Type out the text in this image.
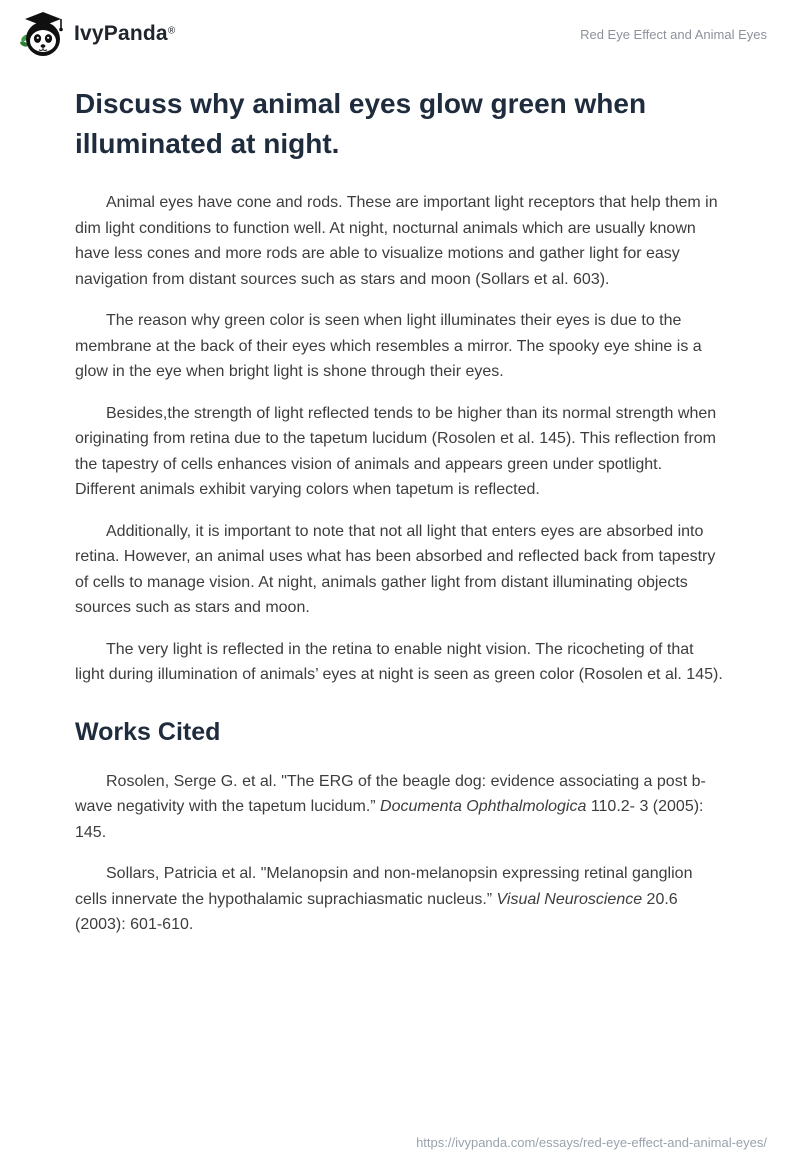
IvyPanda®	Red Eye Effect and Animal Eyes
Discuss why animal eyes glow green when illuminated at night.

Animal eyes have cone and rods. These are important light receptors that help them in dim light conditions to function well. At night, nocturnal animals which are usually known have less cones and more rods are able to visualize motions and gather light for easy navigation from distant sources such as stars and moon (Sollars et al. 603).

The reason why green color is seen when light illuminates their eyes is due to the membrane at the back of their eyes which resembles a mirror. The spooky eye shine is a glow in the eye when bright light is shone through their eyes.

Besides,the strength of light reflected tends to be higher than its normal strength when originating from retina due to the tapetum lucidum (Rosolen et al. 145). This reflection from the tapestry of cells enhances vision of animals and appears green under spotlight. Different animals exhibit varying colors when tapetum is reflected.

Additionally, it is important to note that not all light that enters eyes are absorbed into retina. However, an animal uses what has been absorbed and reflected back from tapestry of cells to manage vision. At night, animals gather light from distant illuminating objects sources such as stars and moon.

The very light is reflected in the retina to enable night vision. The ricocheting of that light during illumination of animals’ eyes at night is seen as green color (Rosolen et al. 145).

Works Cited

Rosolen, Serge G. et al. "The ERG of the beagle dog: evidence associating a post b- wave negativity with the tapetum lucidum.” Documenta Ophthalmologica 110.2- 3 (2005): 145.

Sollars, Patricia et al. "Melanopsin and non-melanopsin expressing retinal ganglion cells innervate the hypothalamic suprachiasmatic nucleus.” Visual Neuroscience 20.6 (2003): 601-610.

https://ivypanda.com/essays/red-eye-effect-and-animal-eyes/
